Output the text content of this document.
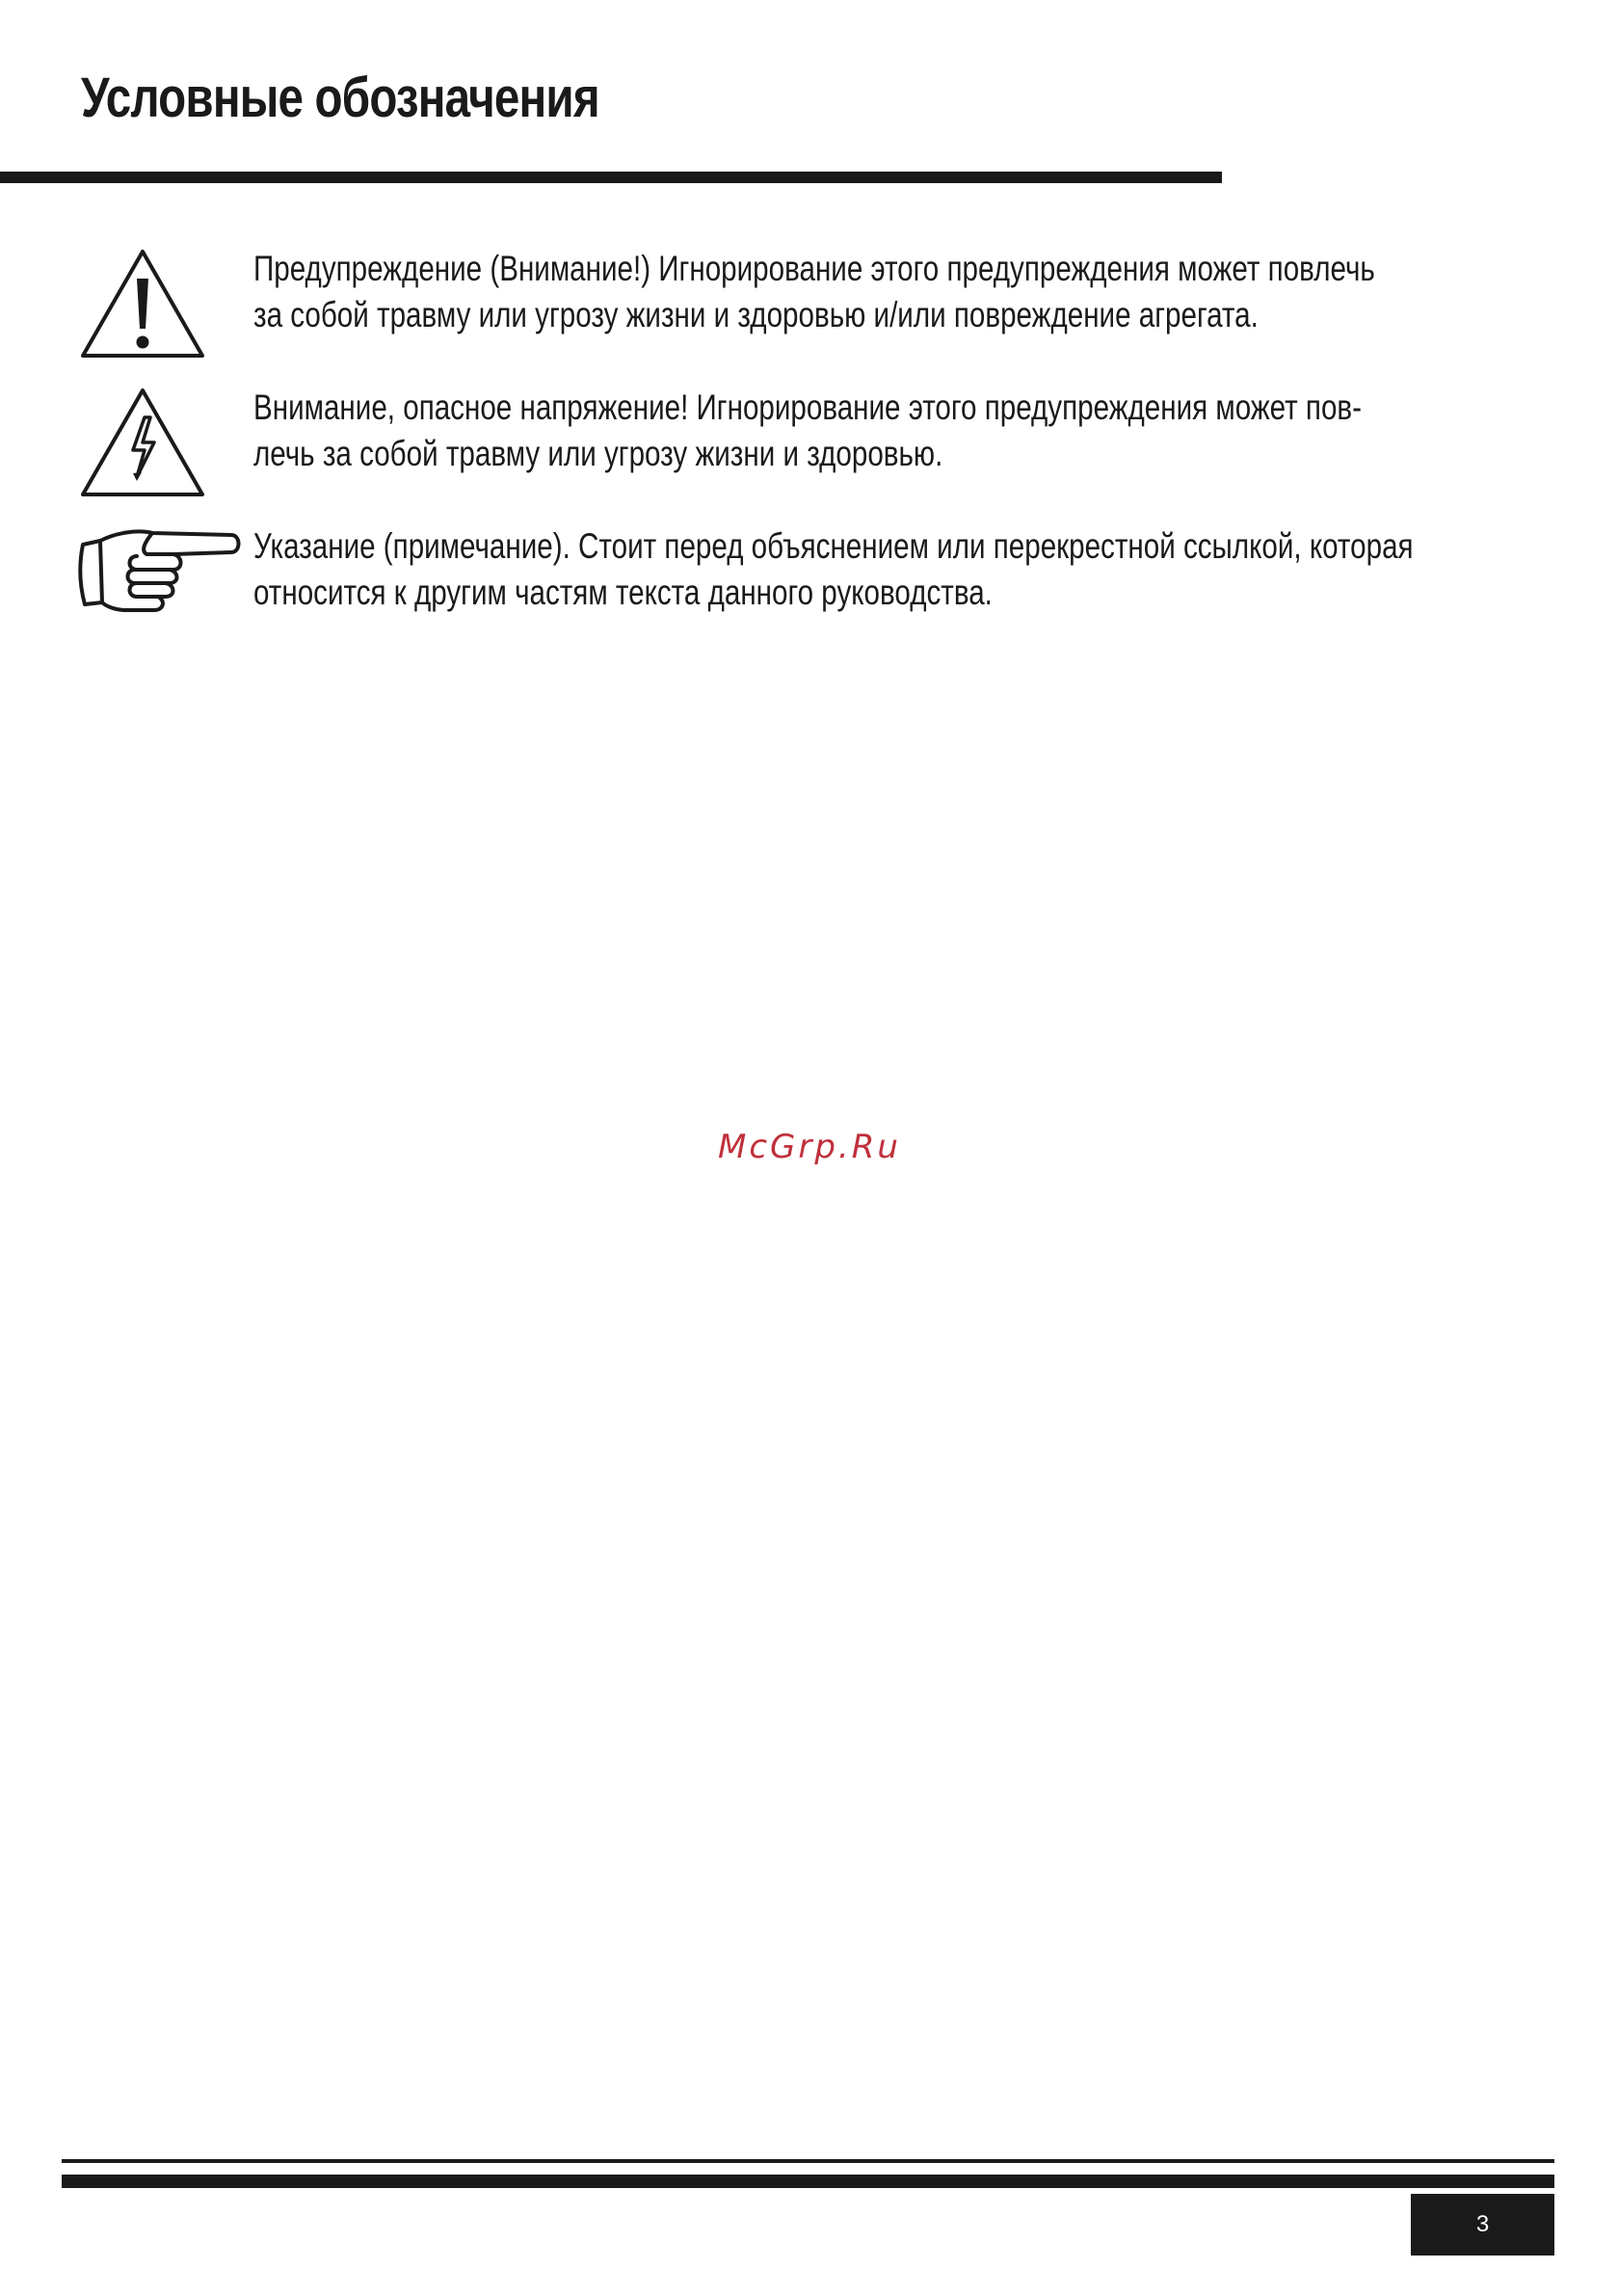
Условные обозначения
Предупреждение (Внимание!) Игнорирование этого предупреждения может повлечь
за собой травму или угрозу жизни и здоровью и/или повреждение агрегата.
Внимание, опасное напряжение! Игнорирование этого предупреждения может пов-
лечь за собой травму или угрозу жизни и здоровью.
Указание (примечание). Стоит перед объяснением или перекрестной ссылкой, которая
относится к другим частям текста данного руководства.
McGrp.Ru
3
